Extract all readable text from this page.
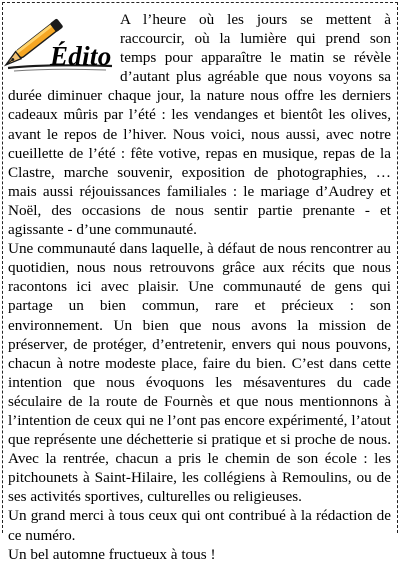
A l’heure où les jours se mettent à raccourcir, où la lumière qui prend son temps pour apparaître le matin se révèle d’autant plus agréable que nous voyons sa durée diminuer chaque jour, la nature nous offre les derniers cadeaux mûris par l’été : les vendanges et bientôt les olives, avant le repos de l’hiver. Nous voici, nous aussi, avec notre cueillette de l’été : fête votive, repas en musique, repas de la Clastre, marche souvenir, exposition de photographies, … mais aussi réjouissances familiales : le mariage d’Audrey et Noël, des occasions de nous sentir partie prenante - et agissante - d’une communauté.

Une communauté dans laquelle, à défaut de nous rencontrer au quotidien, nous nous retrouvons grâce aux récits que nous racontons ici avec plaisir. Une communauté de gens qui partage un bien commun, rare et précieux : son environnement. Un bien que nous avons la mission de préserver, de protéger, d’entretenir, envers qui nous pouvons, chacun à notre modeste place, faire du bien. C’est dans cette intention que nous évoquons les mésaventures du cade séculaire de la route de Fournès et que nous mentionnons à l’intention de ceux qui ne l’ont pas encore expérimenté, l’atout que représente une déchetterie si pratique et si proche de nous. Avec la rentrée, chacun a pris le chemin de son école : les pitchounets à Saint-Hilaire, les collégiens à Remoulins, ou de ses activités sportives, culturelles ou religieuses.

Un grand merci à tous ceux qui ont contribué à la rédaction de ce numéro.

Un bel automne fructueux à tous !

Édito
